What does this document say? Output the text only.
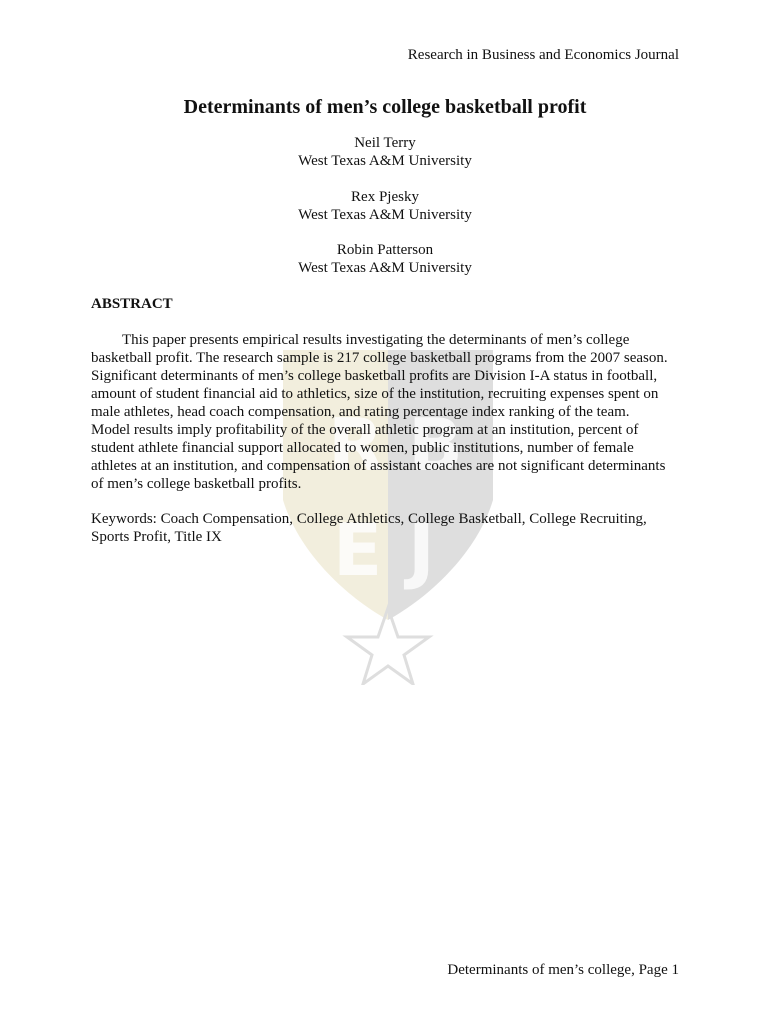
R B
E J
Research in Business and Economics Journal
Determinants of men’s college basketball profit
Neil Terry
West Texas A&M University
Rex Pjesky
West Texas A&M University
Robin Patterson
West Texas A&M University
ABSTRACT
This paper presents empirical results investigating the determinants of men’s college
basketball profit. The research sample is 217 college basketball programs from the 2007 season.
Significant determinants of men’s college basketball profits are Division I-A status in football,
amount of student financial aid to athletics, size of the institution, recruiting expenses spent on
male athletes, head coach compensation, and rating percentage index ranking of the team.
Model results imply profitability of the overall athletic program at an institution, percent of
student athlete financial support allocated to women, public institutions, number of female
athletes at an institution, and compensation of assistant coaches are not significant determinants
of men’s college basketball profits.
Keywords: Coach Compensation, College Athletics, College Basketball, College Recruiting,
Sports Profit, Title IX
Determinants of men’s college, Page 1
